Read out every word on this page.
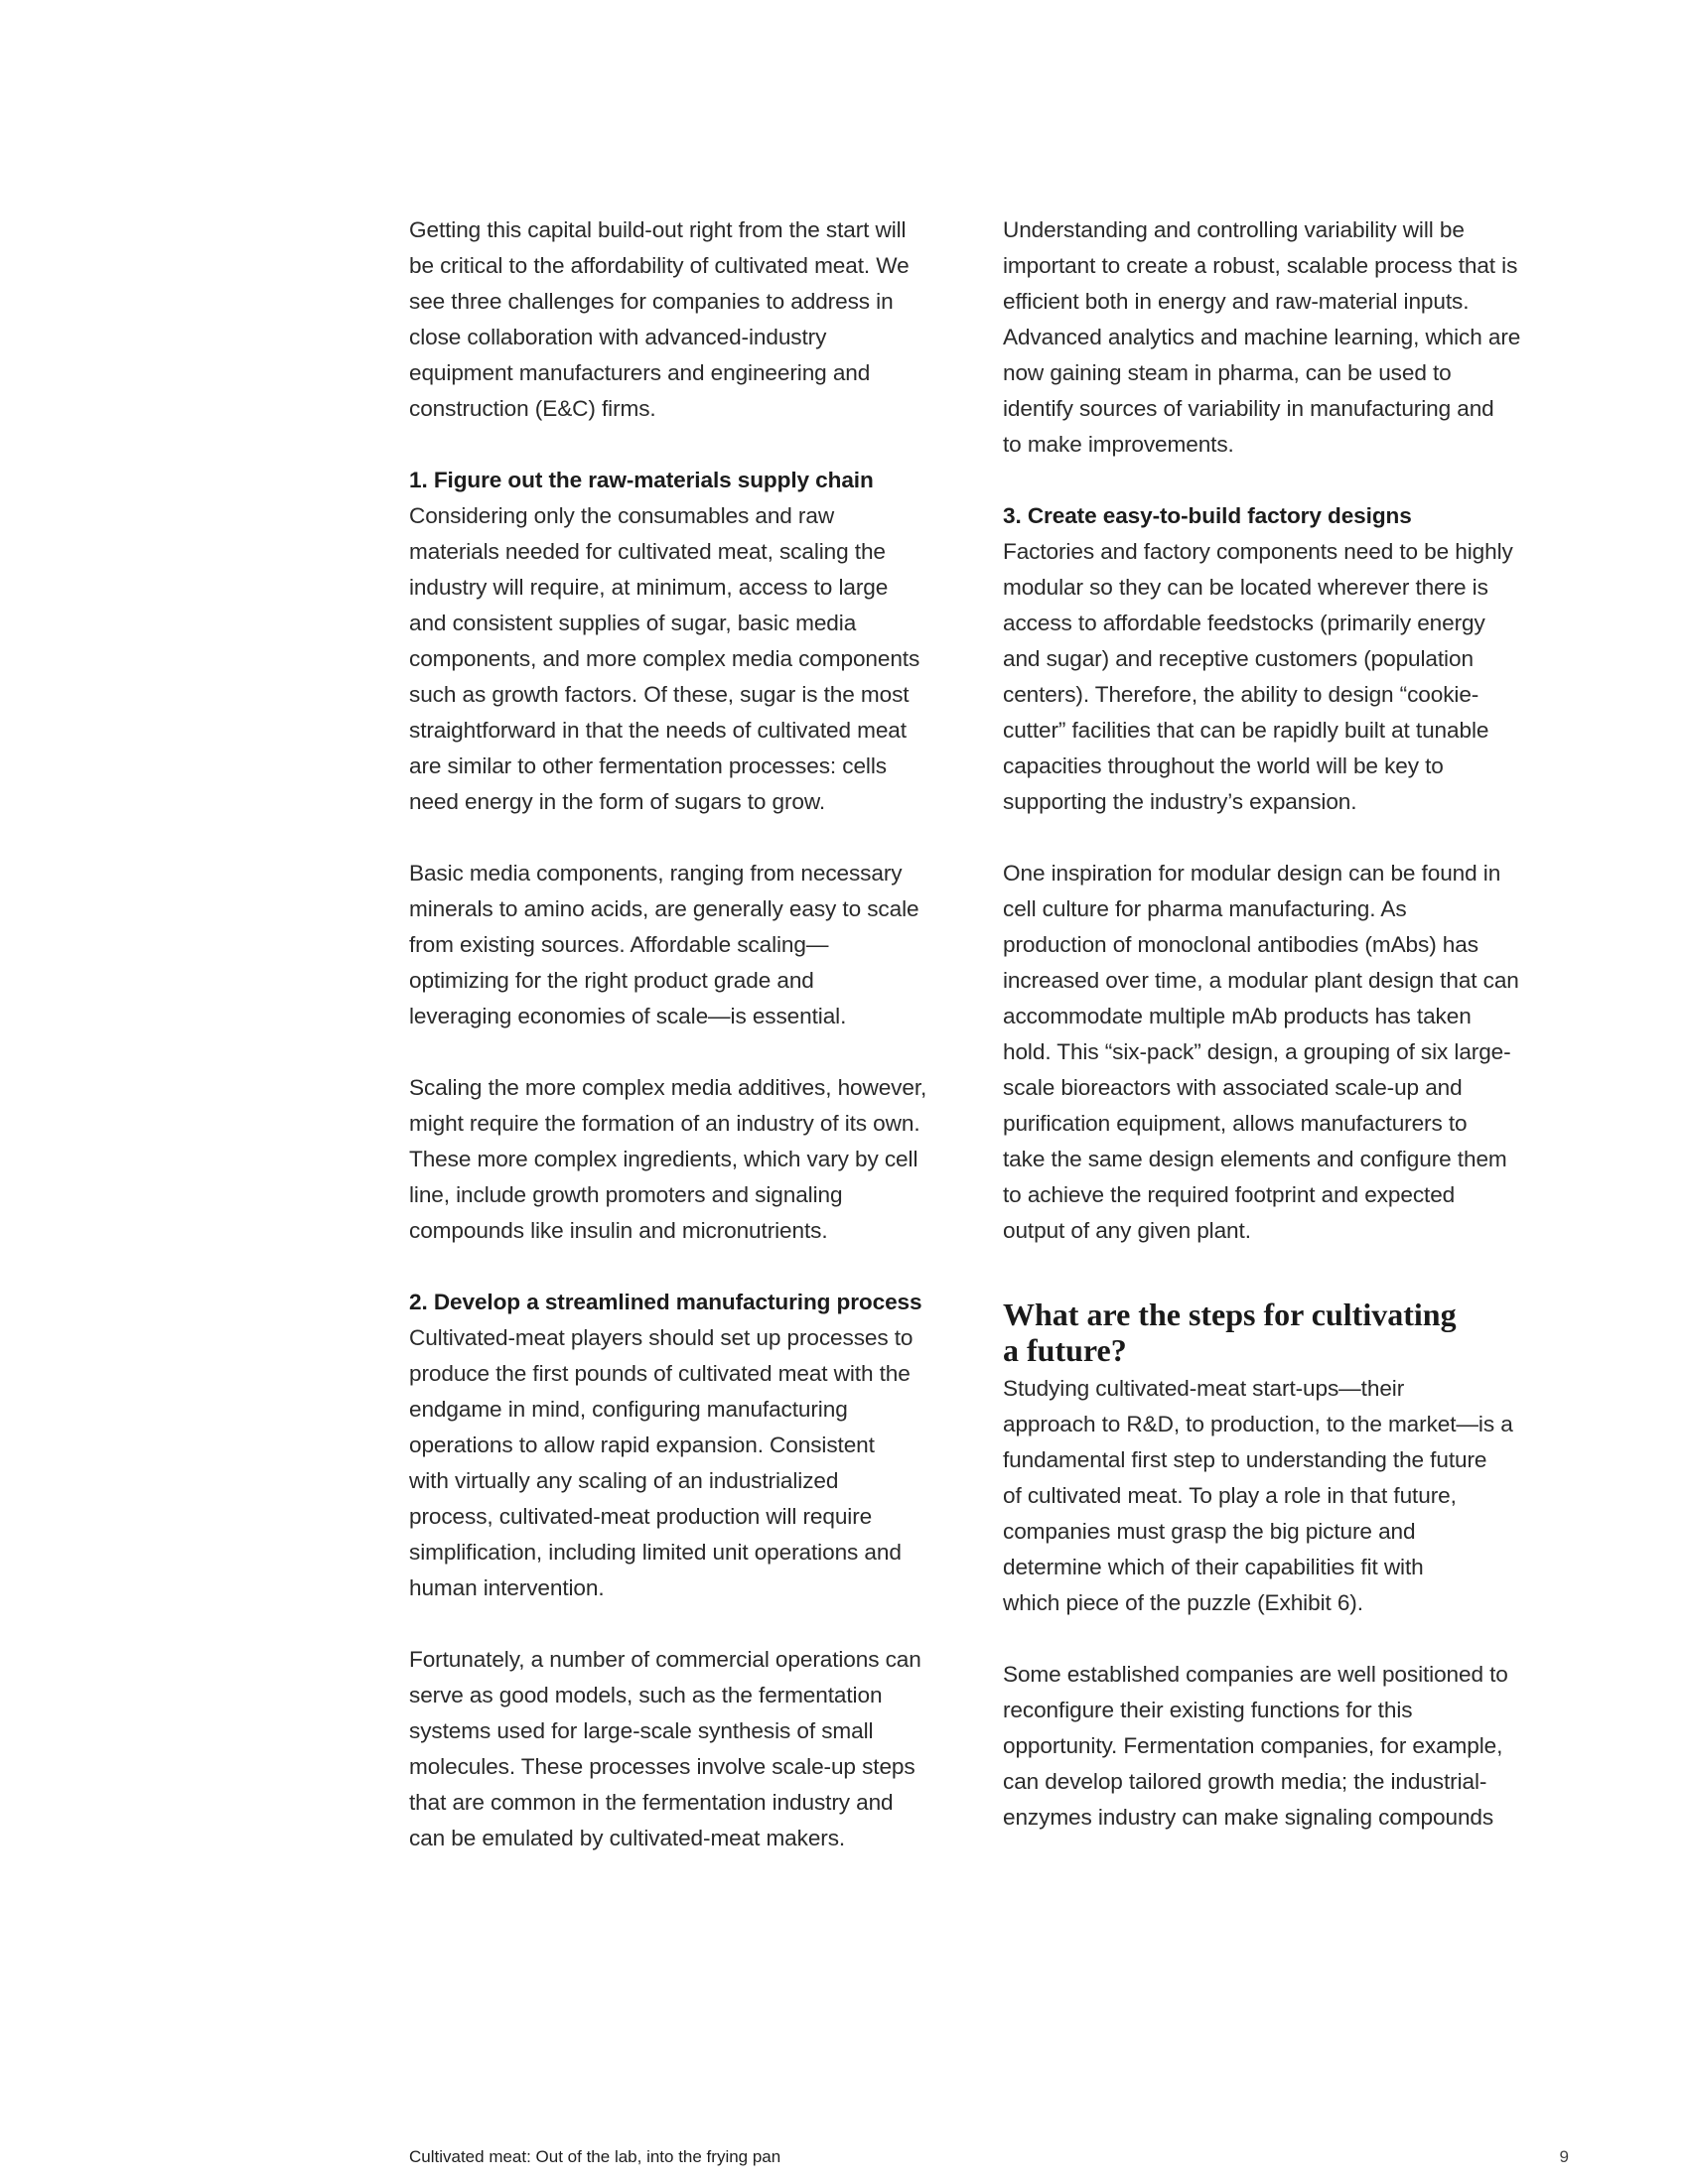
Getting this capital build-out right from the start will
be critical to the affordability of cultivated meat. We
see three challenges for companies to address in
close collaboration with advanced-industry
equipment manufacturers and engineering and
construction (E&C) firms.

1. Figure out the raw-materials supply chain

Considering only the consumables and raw
materials needed for cultivated meat, scaling the
industry will require, at minimum, access to large
and consistent supplies of sugar, basic media
components, and more complex media components
such as growth factors. Of these, sugar is the most
straightforward in that the needs of cultivated meat
are similar to other fermentation processes: cells
need energy in the form of sugars to grow.

Basic media components, ranging from necessary
minerals to amino acids, are generally easy to scale
from existing sources. Affordable scaling—
optimizing for the right product grade and
leveraging economies of scale—is essential.

Scaling the more complex media additives, however,
might require the formation of an industry of its own.
These more complex ingredients, which vary by cell
line, include growth promoters and signaling
compounds like insulin and micronutrients.

2. Develop a streamlined manufacturing process

Cultivated-meat players should set up processes to
produce the first pounds of cultivated meat with the
endgame in mind, configuring manufacturing
operations to allow rapid expansion. Consistent
with virtually any scaling of an industrialized
process, cultivated-meat production will require
simplification, including limited unit operations and
human intervention.

Fortunately, a number of commercial operations can
serve as good models, such as the fermentation
systems used for large-scale synthesis of small
molecules. These processes involve scale-up steps
that are common in the fermentation industry and
can be emulated by cultivated-meat makers.

Understanding and controlling variability will be
important to create a robust, scalable process that is
efficient both in energy and raw-material inputs.
Advanced analytics and machine learning, which are
now gaining steam in pharma, can be used to
identify sources of variability in manufacturing and
to make improvements.

3. Create easy-to-build factory designs

Factories and factory components need to be highly
modular so they can be located wherever there is
access to affordable feedstocks (primarily energy
and sugar) and receptive customers (population
centers). Therefore, the ability to design “cookie-
cutter” facilities that can be rapidly built at tunable
capacities throughout the world will be key to
supporting the industry’s expansion.

One inspiration for modular design can be found in
cell culture for pharma manufacturing. As
production of monoclonal antibodies (mAbs) has
increased over time, a modular plant design that can
accommodate multiple mAb products has taken
hold. This “six-pack” design, a grouping of six large-
scale bioreactors with associated scale-up and
purification equipment, allows manufacturers to
take the same design elements and configure them
to achieve the required footprint and expected
output of any given plant.

What are the steps for cultivating
a future?

Studying cultivated-meat start-ups—their
approach to R&D, to production, to the market—is a
fundamental first step to understanding the future
of cultivated meat. To play a role in that future,
companies must grasp the big picture and
determine which of their capabilities fit with
which piece of the puzzle (Exhibit 6).

Some established companies are well positioned to
reconfigure their existing functions for this
opportunity. Fermentation companies, for example,
can develop tailored growth media; the industrial-
enzymes industry can make signaling compounds

Cultivated meat: Out of the lab, into the frying pan	9
